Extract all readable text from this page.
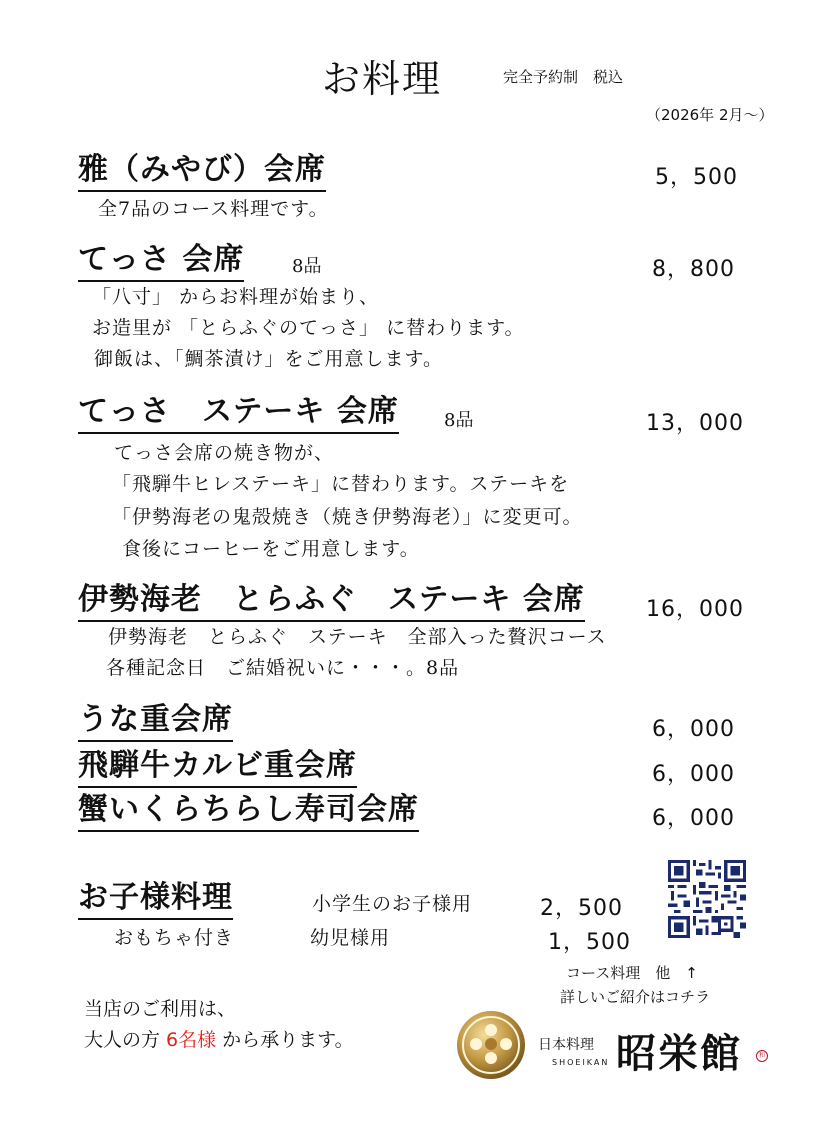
お料理	完全予約制　税込
（2026年 2月～）
雅（みやび）会席	5，500
全7品のコース料理です。
てっさ 会席	8品	8，800
「八寸」 からお料理が始まり、
お造里が 「とらふぐのてっさ」 に替わります。
御飯は、「鯛茶漬け」をご用意します。
てっさ　ステーキ 会席	8品	13，000
てっさ会席の焼き物が、
「飛騨牛ヒレステーキ」に替わります。ステーキを
「伊勢海老の鬼殻焼き（焼き伊勢海老）」に変更可。
食後にコーヒーをご用意します。
伊勢海老　とらふぐ　ステーキ 会席	16，000
伊勢海老　とらふぐ　ステーキ　全部入った贅沢コース
各種記念日　ご結婚祝いに・・・。8品
うな重会席	6，000
飛騨牛カルビ重会席	6，000
蟹いくらちらし寿司会席	6，000
お子様料理	小学生のお子様用	2，500
おもちゃ付き	幼児様用	1，500
コース料理　他　↑
詳しいご紹介はコチラ
当店のご利用は、
大人の方 6名様 から承ります。	日本料理 昭栄館
SHOEIKAN
和
